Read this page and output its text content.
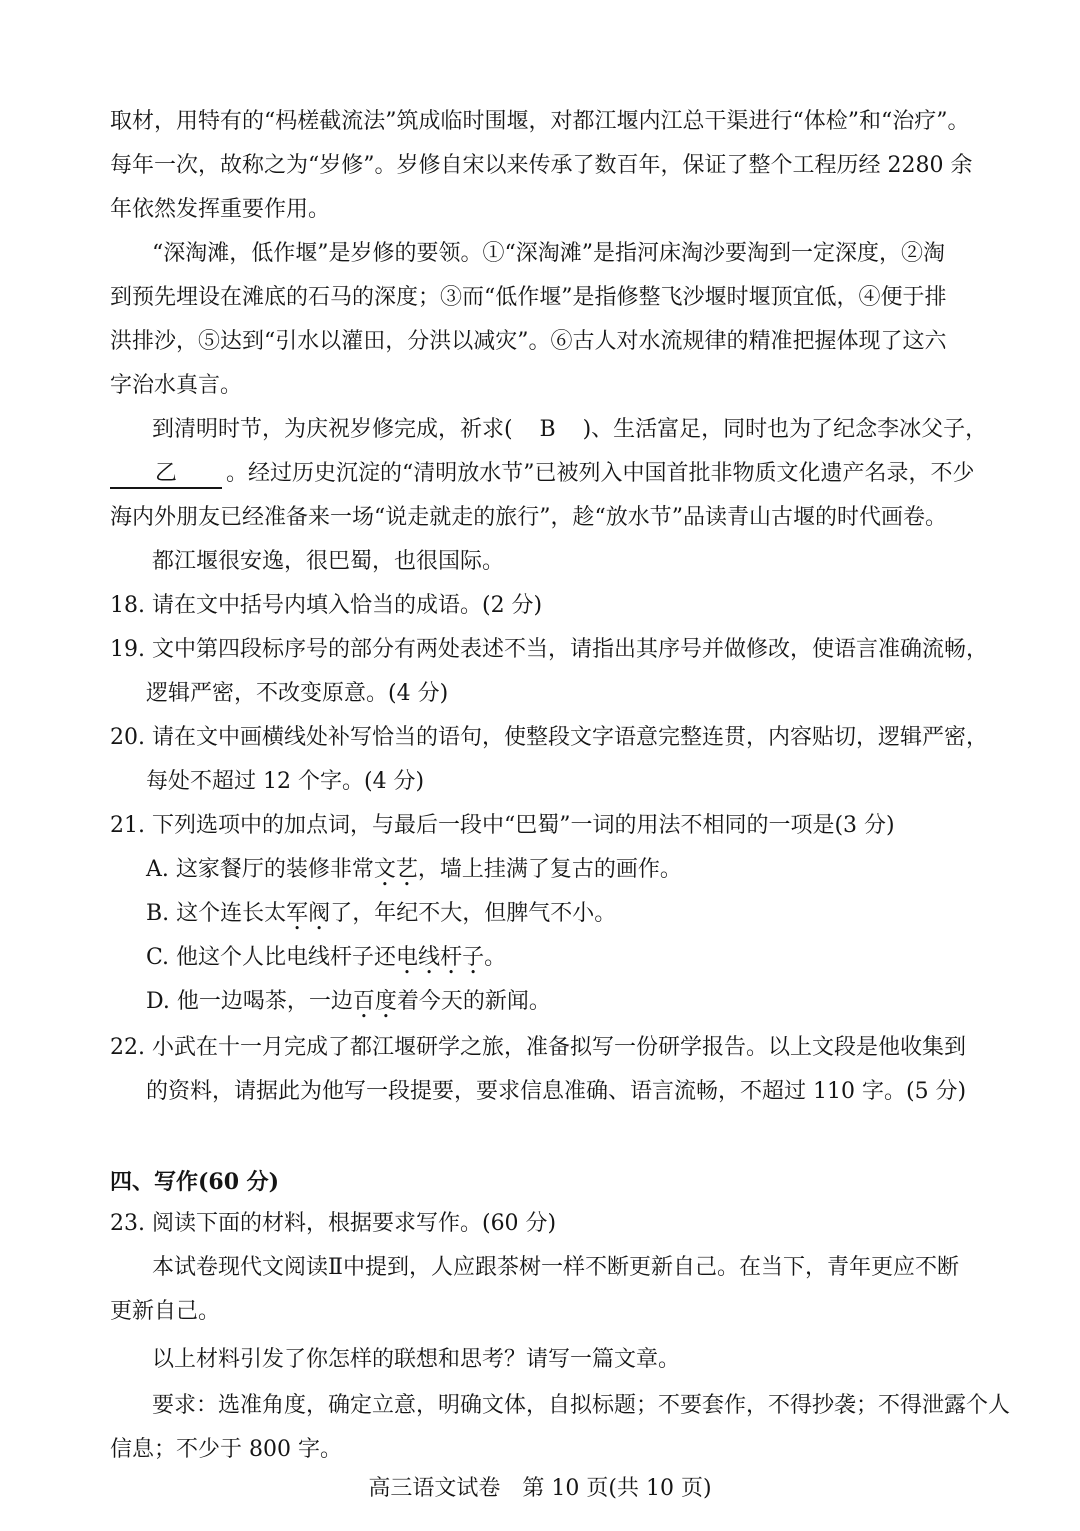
取材，用特有的“杩槎截流法”筑成临时围堰，对都江堰内江总干渠进行“体检”和“治疗”。
每年一次，故称之为“岁修”。岁修自宋以来传承了数百年，保证了整个工程历经 2280 余
年依然发挥重要作用。
“深淘滩，低作堰”是岁修的要领。①“深淘滩”是指河床淘沙要淘到一定深度，②淘
到预先埋设在滩底的石马的深度；③而“低作堰”是指修整飞沙堰时堰顶宜低，④便于排
洪排沙，⑤达到“引水以灌田，分洪以减灾”。⑥古人对水流规律的精准把握体现了这六
字治水真言。
到清明时节，为庆祝岁修完成，祈求( B )、生活富足，同时也为了纪念李冰父子，
乙 。经过历史沉淀的“清明放水节”已被列入中国首批非物质文化遗产名录，不少
海内外朋友已经准备来一场“说走就走的旅行”，趁“放水节”品读青山古堰的时代画卷。
都江堰很安逸，很巴蜀，也很国际。
18. 请在文中括号内填入恰当的成语。(2 分)
19. 文中第四段标序号的部分有两处表述不当，请指出其序号并做修改，使语言准确流畅，
逻辑严密，不改变原意。(4 分)
20. 请在文中画横线处补写恰当的语句，使整段文字语意完整连贯，内容贴切，逻辑严密，
每处不超过 12 个字。(4 分)
21. 下列选项中的加点词，与最后一段中“巴蜀”一词的用法不相同的一项是(3 分)
A. 这家餐厅的装修非常文艺，墙上挂满了复古的画作。
B. 这个连长太军阀了，年纪不大，但脾气不小。
C. 他这个人比电线杆子还电线杆子。
D. 他一边喝茶，一边百度着今天的新闻。
22. 小武在十一月完成了都江堰研学之旅，准备拟写一份研学报告。以上文段是他收集到
的资料，请据此为他写一段提要，要求信息准确、语言流畅，不超过 110 字。(5 分)
四、写作(60 分)
23. 阅读下面的材料，根据要求写作。(60 分)
本试卷现代文阅读Ⅱ中提到，人应跟茶树一样不断更新自己。在当下，青年更应不断
更新自己。
以上材料引发了你怎样的联想和思考？请写一篇文章。
要求：选准角度，确定立意，明确文体，自拟标题；不要套作，不得抄袭；不得泄露个人
信息；不少于 800 字。
高三语文试卷　第 10 页(共 10 页)
